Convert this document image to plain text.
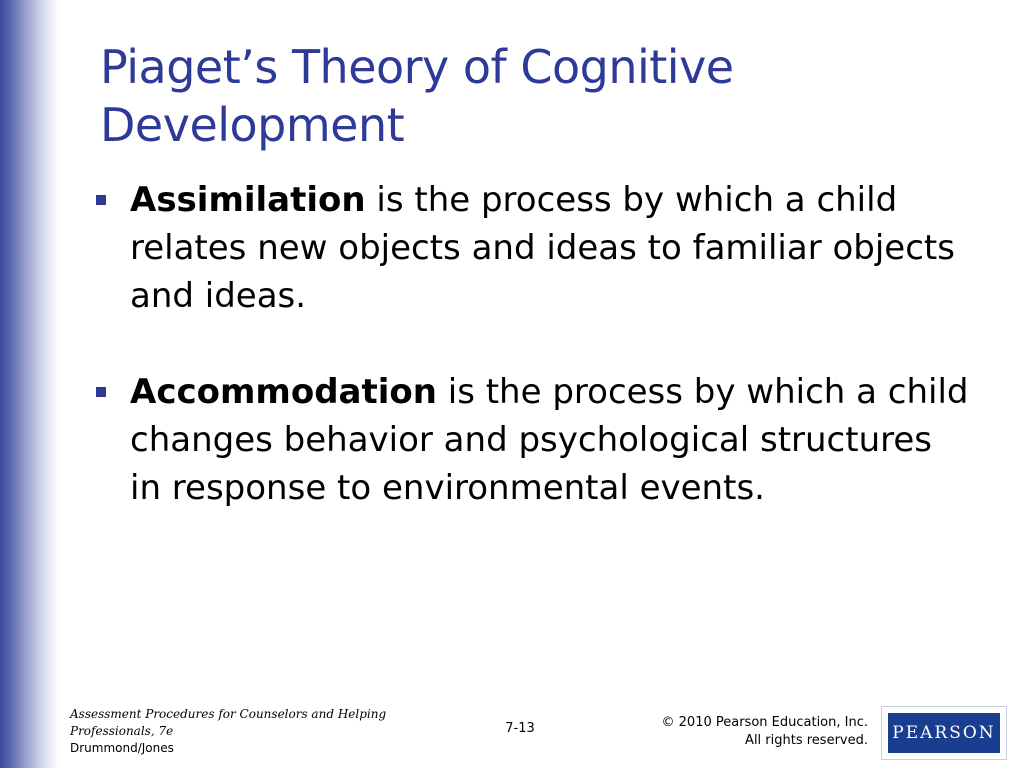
Piaget’s Theory of Cognitive Development
Assimilation is the process by which a child relates new objects and ideas to familiar objects and ideas.
Accommodation is the process by which a child changes behavior and psychological structures in response to environmental events.
Assessment Procedures for Counselors and Helping
Professionals, 7e
Drummond/Jones
7-13	© 2010 Pearson Education, Inc.
All rights reserved. PEARSON
